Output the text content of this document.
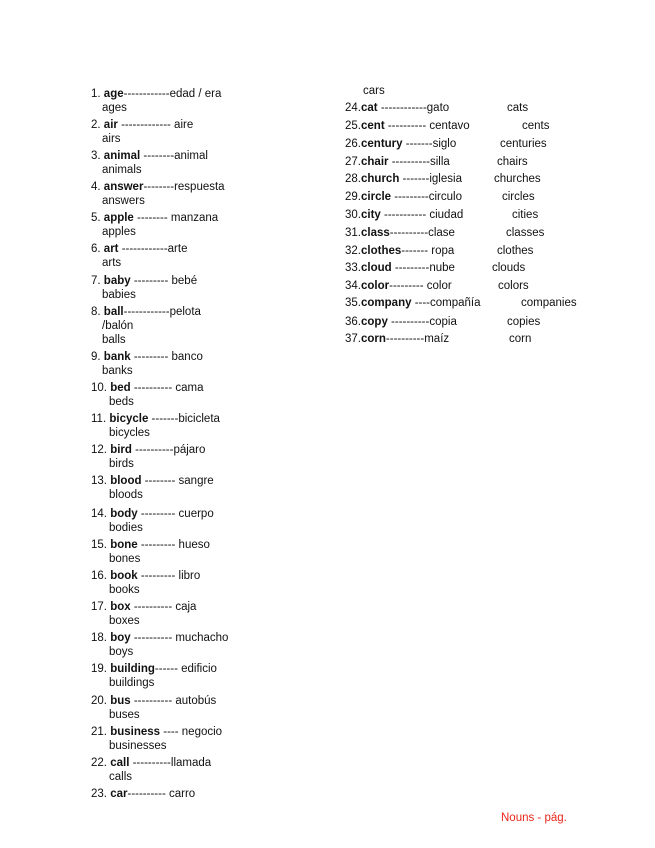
1. age------------edad / era
ages
2. air ------------- aire
airs
3. animal --------animal
animals
4. answer--------respuesta
answers
5. apple -------- manzana
apples
6. art ------------arte
arts
7. baby --------- bebé
babies
8. ball------------pelota
/balón
balls
9. bank --------- banco
banks
10. bed ---------- cama
beds
11. bicycle -------bicicleta
bicycles
12. bird ----------pájaro
birds
13. blood -------- sangre
bloods
14. body --------- cuerpo
bodies
15. bone --------- hueso
bones
16. book --------- libro
books
17. box ---------- caja
boxes
18. boy ---------- muchacho
boys
19. building------ edificio
buildings
20. bus ---------- autobús
buses
21. business ---- negocio
businesses
22. call ----------llamada
calls
23. car---------- carro
cars
24.cat ------------gato	cats
25.cent ---------- centavo	cents
26.century -------siglo	centuries
27.chair ----------silla	chairs
28.church -------iglesia	churches
29.circle ---------circulo	circles
30.city ----------- ciudad	cities
31.class----------clase	classes
32.clothes------- ropa	clothes
33.cloud ---------nube	clouds
34.color--------- color	colors
35.company ----compañía	companies
36.copy ----------copia	copies
37.corn----------maíz	corn
Nouns - pág.
